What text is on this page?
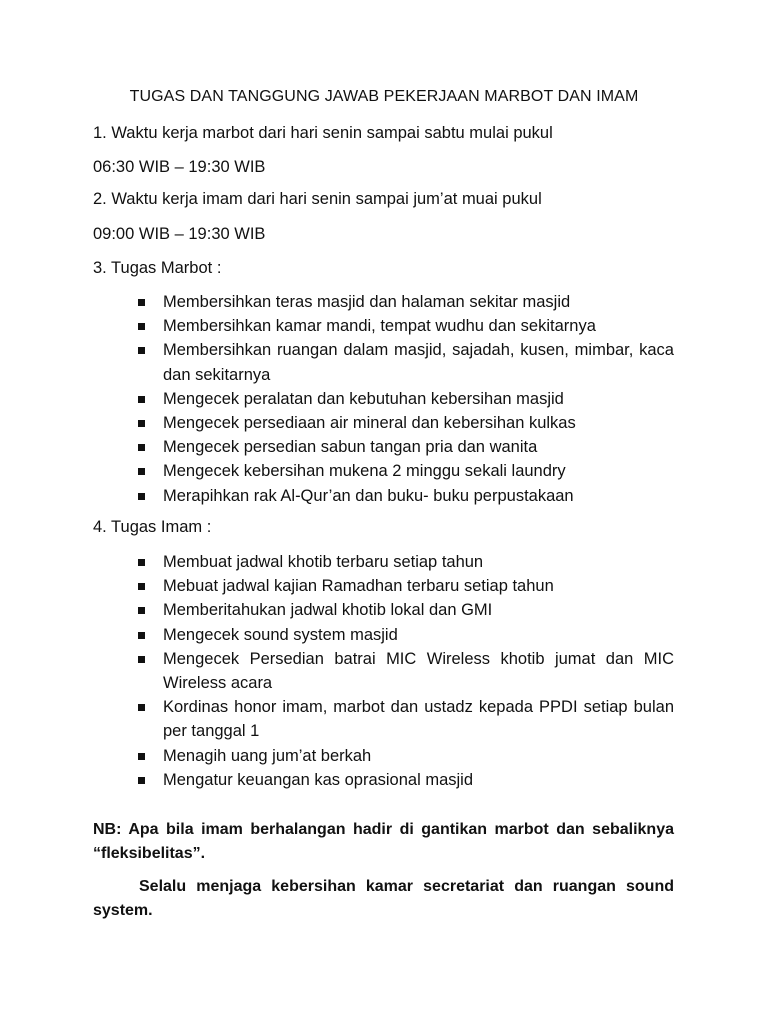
TUGAS DAN TANGGUNG JAWAB PEKERJAAN MARBOT DAN IMAM
1. Waktu kerja marbot dari hari senin sampai sabtu mulai pukul
06:30 WIB – 19:30 WIB
2. Waktu kerja imam dari hari senin sampai jum’at muai pukul
09:00 WIB – 19:30 WIB
3. Tugas Marbot :
Membersihkan teras masjid dan halaman sekitar masjid
Membersihkan kamar mandi, tempat wudhu dan sekitarnya
Membersihkan ruangan dalam masjid, sajadah, kusen, mimbar, kaca dan sekitarnya
Mengecek peralatan dan kebutuhan kebersihan masjid
Mengecek persediaan air mineral dan kebersihan kulkas
Mengecek persedian sabun tangan pria dan wanita
Mengecek kebersihan mukena 2 minggu sekali laundry
Merapihkan rak Al-Qur’an dan buku- buku perpustakaan
4. Tugas Imam :
Membuat jadwal khotib terbaru setiap tahun
Mebuat jadwal kajian Ramadhan terbaru setiap tahun
Memberitahukan jadwal khotib lokal dan GMI
Mengecek sound system masjid
Mengecek Persedian batrai MIC Wireless khotib jumat dan MIC Wireless acara
Kordinas honor imam, marbot dan ustadz kepada PPDI setiap bulan per tanggal 1
Menagih uang jum’at berkah
Mengatur keuangan kas oprasional masjid
NB: Apa bila imam berhalangan hadir di gantikan marbot dan sebaliknya “fleksibelitas”.
Selalu menjaga kebersihan kamar secretariat dan ruangan sound system.
